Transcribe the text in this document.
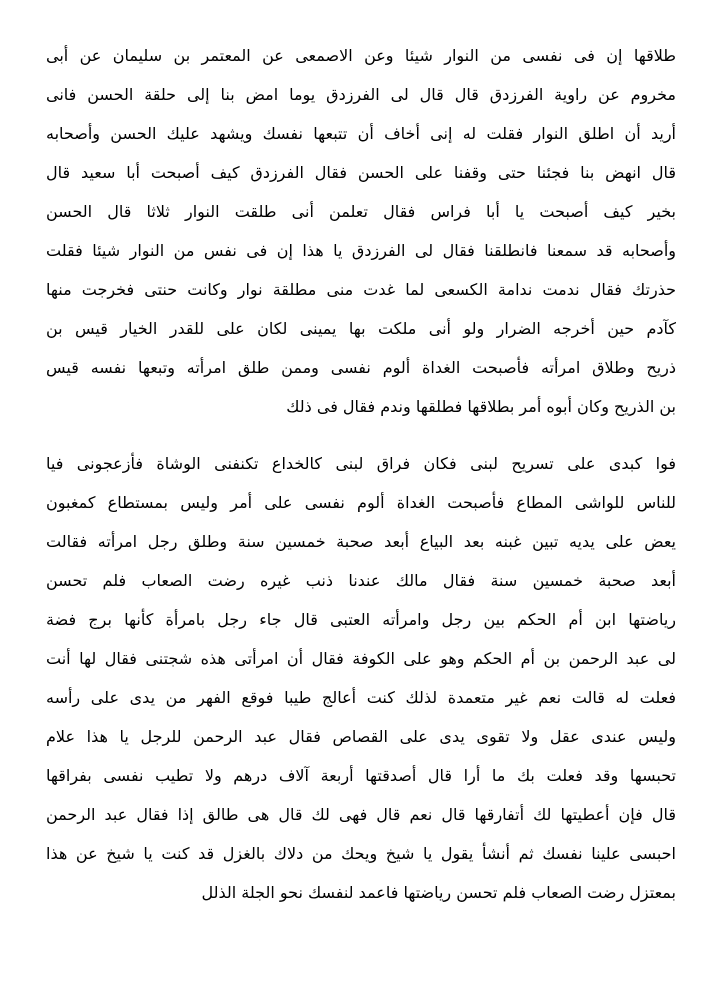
طلاقها إن فى نفسى من النوار شيئا وعن الاصمعى عن المعتمر بن سليمان عن أبى
مخروم عن راوية الفرزدق قال قال لى الفرزدق يوما امض بنا إلى حلقة الحسن فانى
أريد أن اطلق النوار فقلت له إنى أخاف أن تتبعها نفسك ويشهد عليك الحسن وأصحابه
قال انهض بنا فجئنا حتى وقفنا على الحسن فقال الفرزدق كيف أصبحت أبا سعيد قال
بخير كيف أصبحت يا أبا فراس فقال تعلمن أنى طلقت النوار ثلاثا قال الحسن
وأصحابه قد سمعنا فانطلقنا فقال لى الفرزدق يا هذا إن فى نفس من النوار شيئا فقلت
حذرتك فقال ندمت ندامة الكسعى لما غدت منى مطلقة نوار وكانت حنتى فخرجت منها
كآدم حين أخرجه الضرار ولو أنى ملكت بها يمينى لكان على للقدر الخيار قيس بن
ذريح وطلاق امرأته فأصبحت الغداة ألوم نفسى وممن طلق امرأته وتبعها نفسه قيس
بن الذريح وكان أبوه أمر بطلاقها فطلقها وندم فقال فى ذلك
فوا كبدى على تسريح لبنى فكان فراق لبنى كالخداع تكنفنى الوشاة فأزعجونى فيا
للناس للواشى المطاع فأصبحت الغداة ألوم نفسى على أمر وليس بمستطاع كمغبون
يعض على يديه تبين غبنه بعد البياع أبعد صحبة خمسين سنة وطلق رجل امرأته فقالت
أبعد صحبة خمسين سنة فقال مالك عندنا ذنب غيره رضت الصعاب فلم تحسن
رياضتها ابن أم الحكم بين رجل وامرأته العتبى قال جاء رجل بامرأة كأنها برج فضة
لى عبد الرحمن بن أم الحكم وهو على الكوفة فقال أن امرأتى هذه شجتنى فقال لها أنت
فعلت له قالت نعم غير متعمدة لذلك كنت أعالج طيبا فوقع الفهر من يدى على رأسه
وليس عندى عقل ولا تقوى يدى على القصاص فقال عبد الرحمن للرجل يا هذا علام
تحبسها وقد فعلت بك ما أرا قال أصدقتها أربعة آلاف درهم ولا تطيب نفسى بفراقها
قال فإن أعطيتها لك أتفارقها قال نعم قال فهى لك قال هى طالق إذا فقال عبد الرحمن
احبسى علينا نفسك ثم أنشأ يقول يا شيخ ويحك من دلاك بالغزل قد كنت يا شيخ عن هذا
بمعتزل رضت الصعاب فلم تحسن رياضتها فاعمد لنفسك نحو الجلة الذلل
